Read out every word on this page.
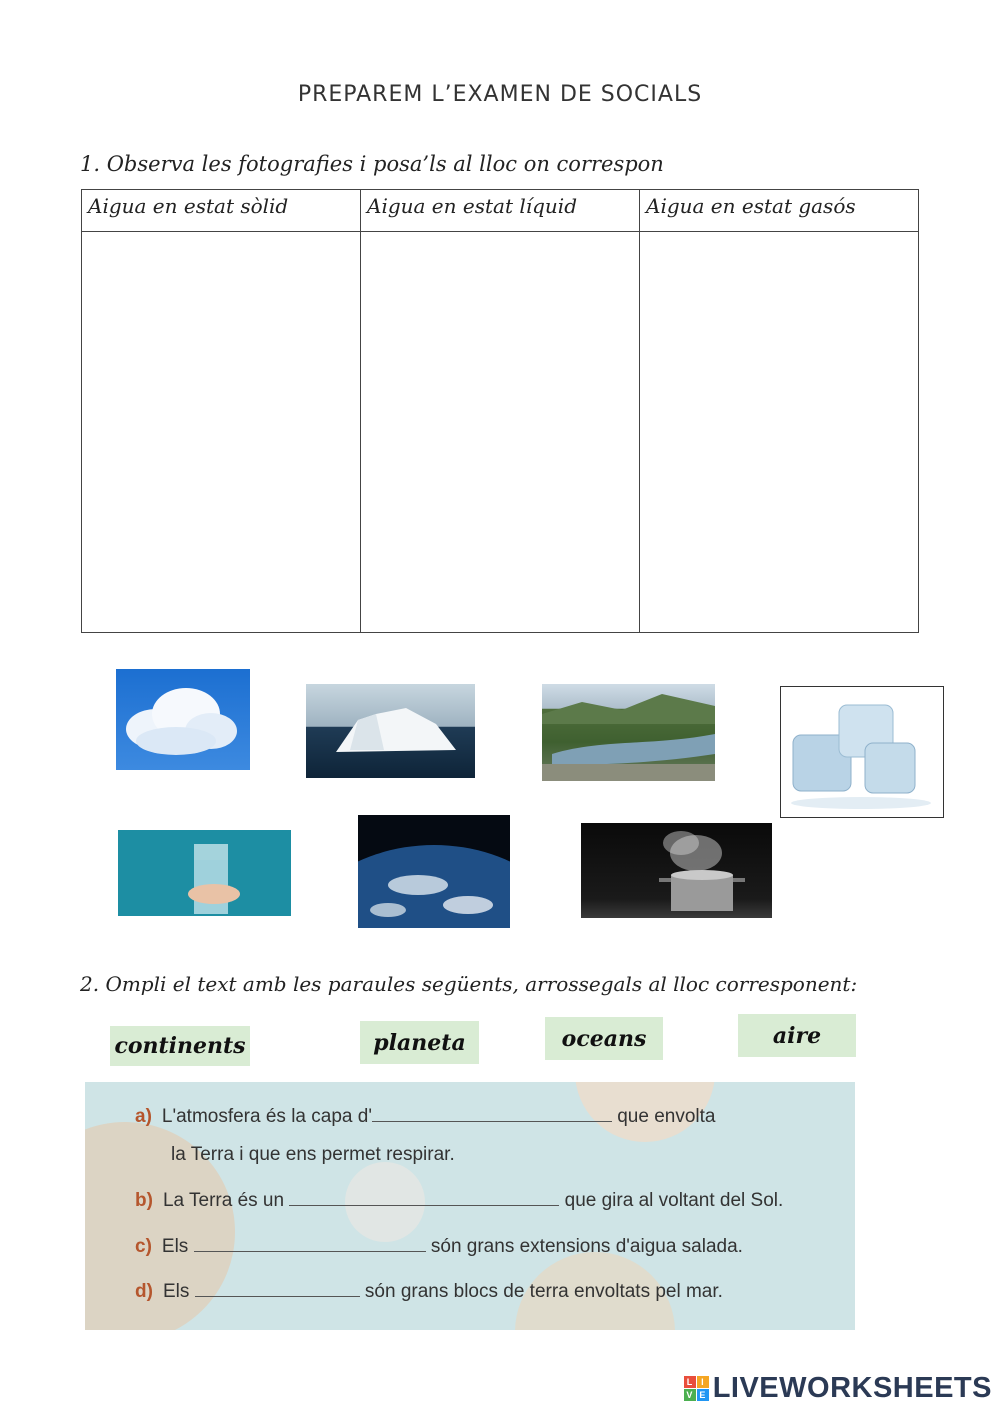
PREPAREM L’EXAMEN DE SOCIALS
1. Observa les fotografies i posa’ls al lloc on correspon
Aigua en estat sòlid	Aigua en estat líquid	Aigua en estat gasós

2. Ompli el text amb les paraules següents, arrossegals al lloc corresponent:
continents	planeta	oceans	aire
a) L'atmosfera és la capa d'	que envolta
la Terra i que ens permet respirar.
b) La Terra és un	que gira al voltant del Sol.
c) Els	són grans extensions d'aigua salada.
d) Els	són grans blocs de terra envoltats pel mar.
L I
V E LIVEWORKSHEETS
